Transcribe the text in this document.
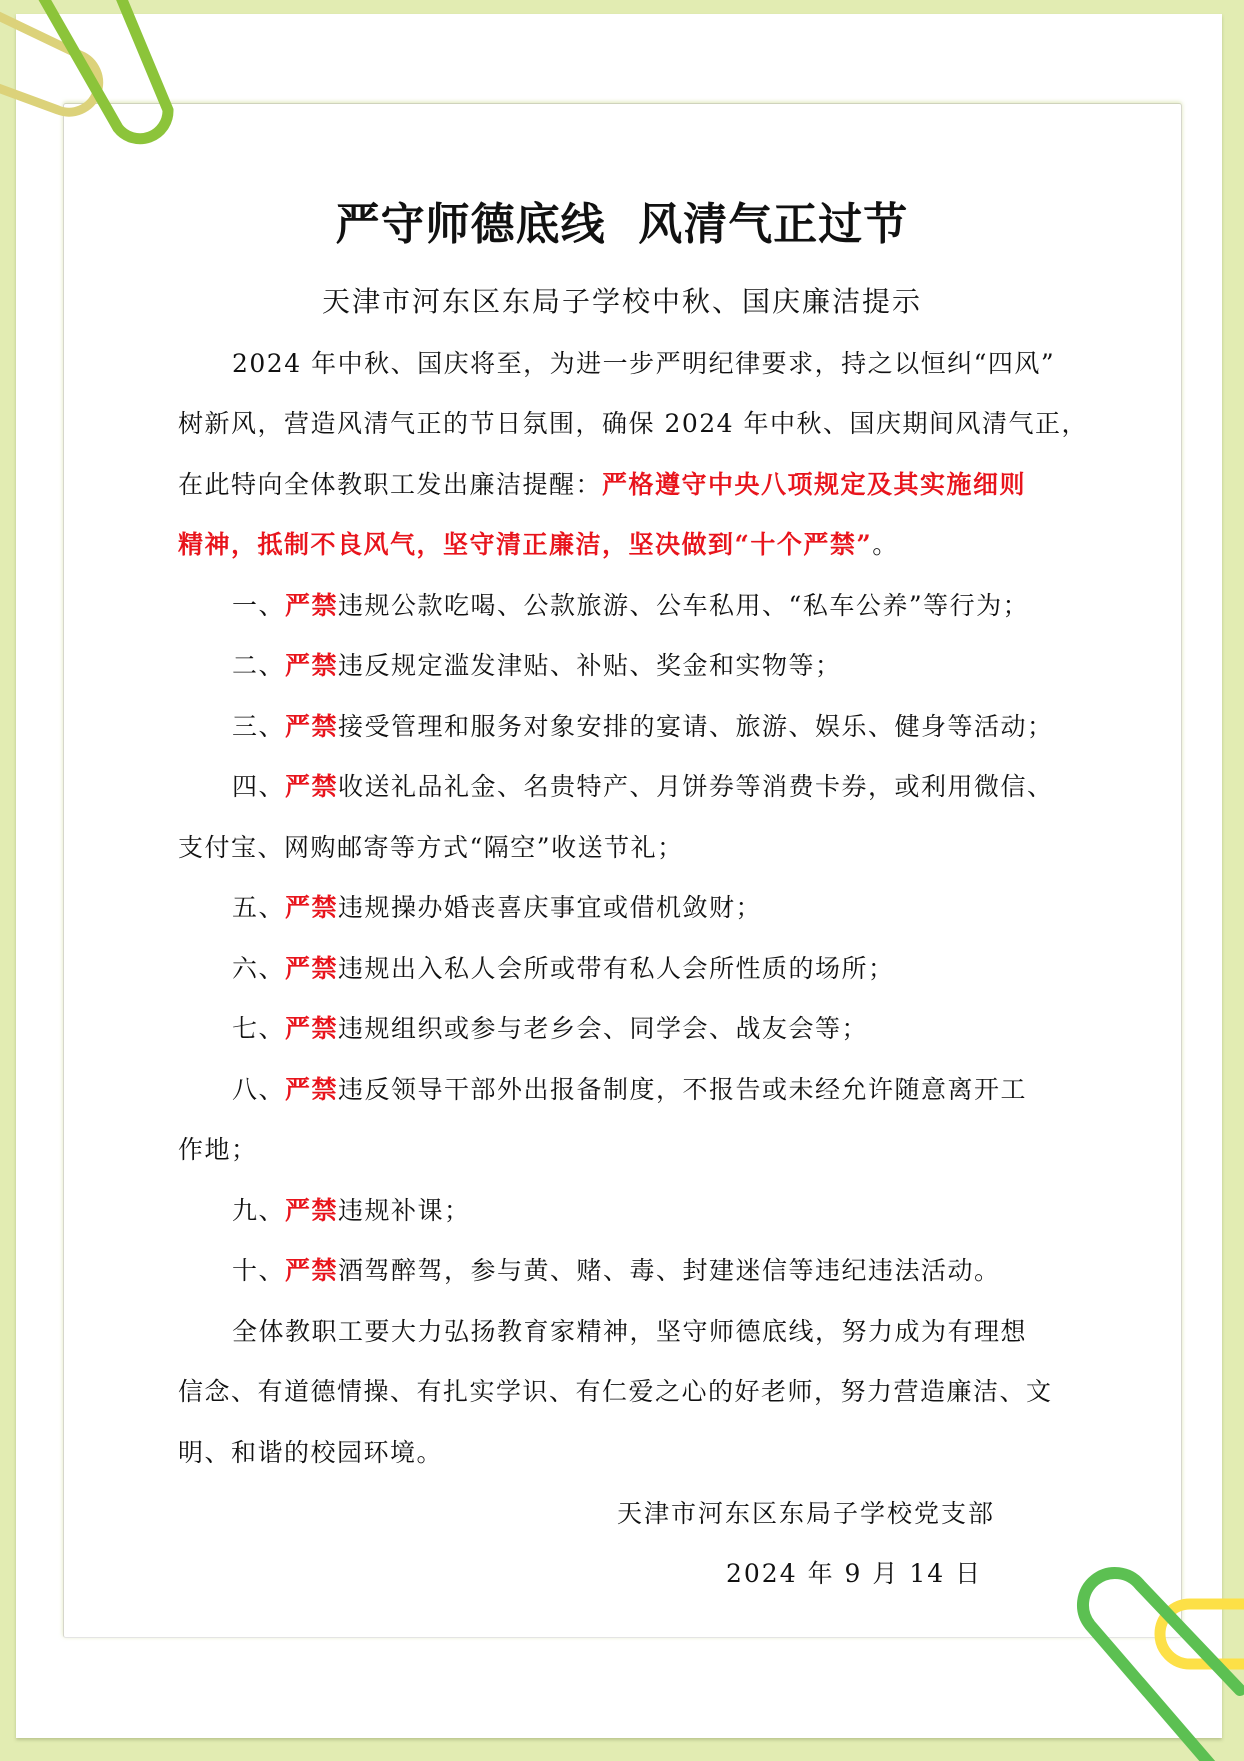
严守师德底线  风清气正过节
天津市河东区东局子学校中秋、国庆廉洁提示
2024 年中秋、国庆将至，为进一步严明纪律要求，持之以恒纠“四风”
树新风，营造风清气正的节日氛围，确保 2024 年中秋、国庆期间风清气正，
在此特向全体教职工发出廉洁提醒：严格遵守中央八项规定及其实施细则
精神，抵制不良风气，坚守清正廉洁，坚决做到“十个严禁”。
一、严禁违规公款吃喝、公款旅游、公车私用、“私车公养”等行为；
二、严禁违反规定滥发津贴、补贴、奖金和实物等；
三、严禁接受管理和服务对象安排的宴请、旅游、娱乐、健身等活动；
四、严禁收送礼品礼金、名贵特产、月饼券等消费卡券，或利用微信、
支付宝、网购邮寄等方式“隔空”收送节礼；
五、严禁违规操办婚丧喜庆事宜或借机敛财；
六、严禁违规出入私人会所或带有私人会所性质的场所；
七、严禁违规组织或参与老乡会、同学会、战友会等；
八、严禁违反领导干部外出报备制度，不报告或未经允许随意离开工
作地；
九、严禁违规补课；
十、严禁酒驾醉驾，参与黄、赌、毒、封建迷信等违纪违法活动。
全体教职工要大力弘扬教育家精神，坚守师德底线，努力成为有理想
信念、有道德情操、有扎实学识、有仁爱之心的好老师，努力营造廉洁、文
明、和谐的校园环境。
天津市河东区东局子学校党支部
2024 年 9 月 14 日
